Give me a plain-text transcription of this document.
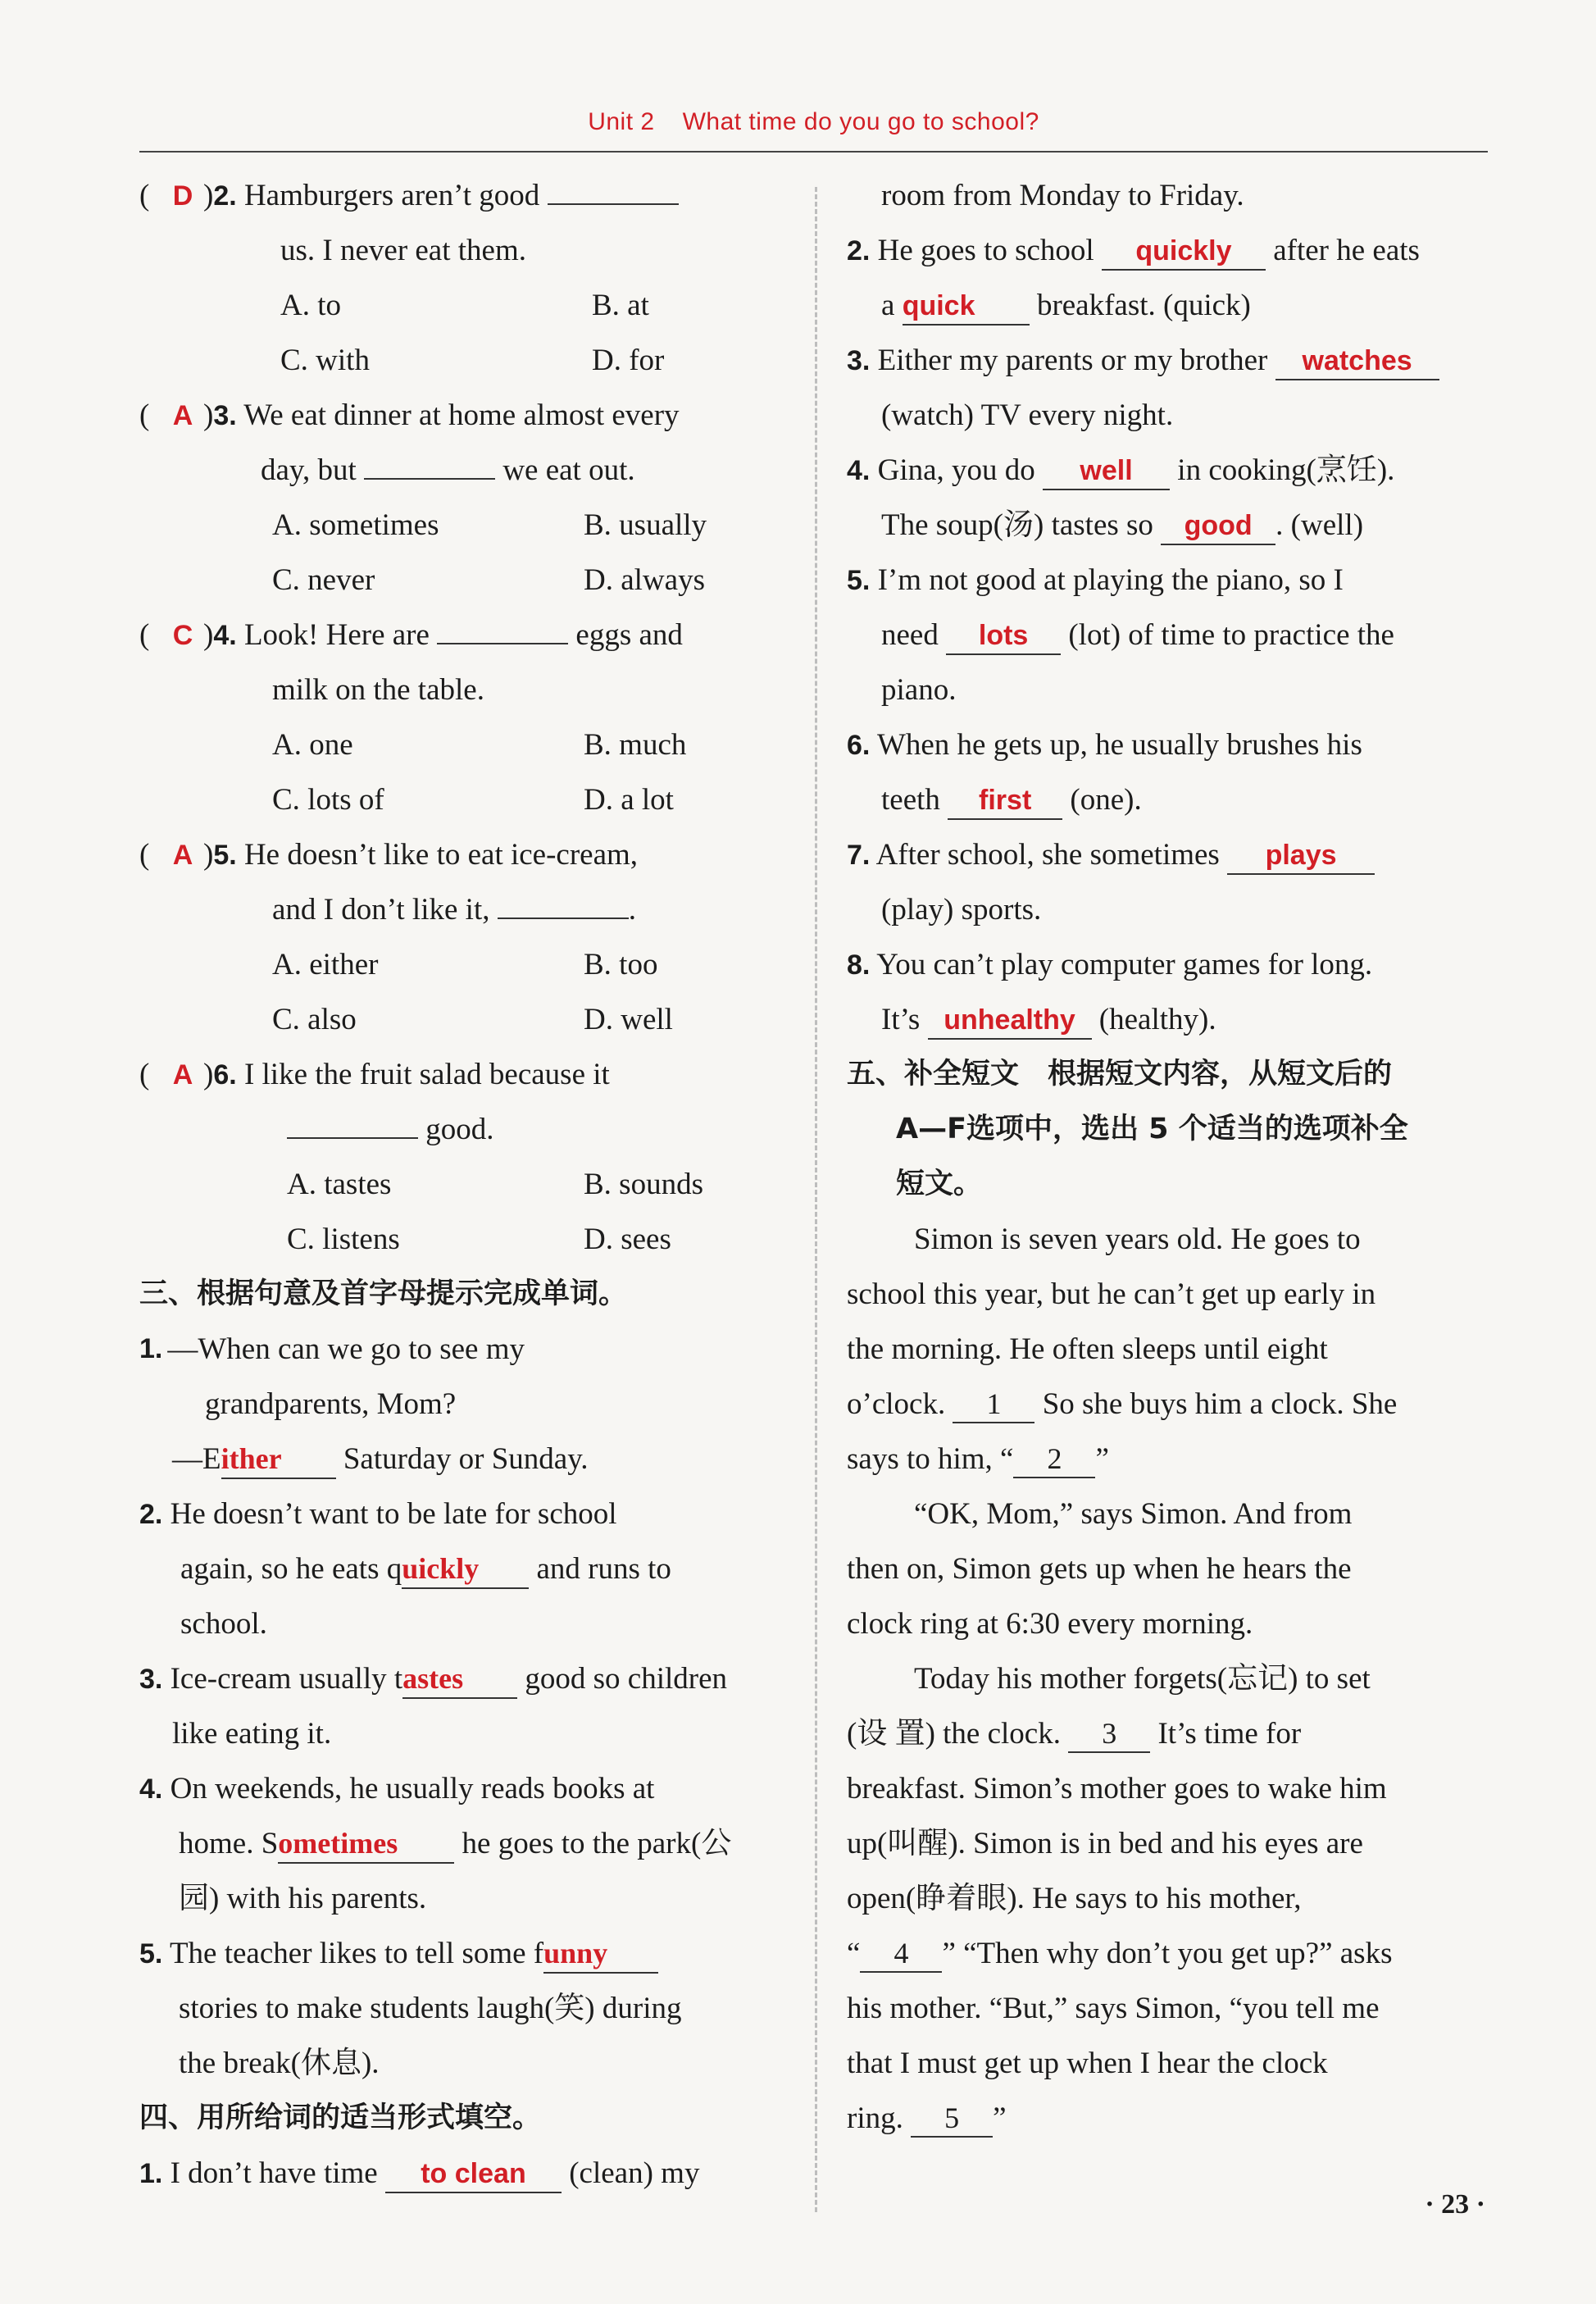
Unit 2 What time do you go to school?
( D )2. Hamburgers aren’t good
us. I never eat them.
A. to	B. at
C. with	D. for
( A )3. We eat dinner at home almost every
day, but	we eat out.
A. sometimes	B. usually
C. never	D. always
( C )4. Look! Here are	eggs and
milk on the table.
A. one	B. much
C. lots of	D. a lot
( A )5. He doesn’t like to eat ice-cream,
and I don’t like it,	.
A. either	B. too
C. also	D. well
( A )6. I like the fruit salad because it
good.
A. tastes	B. sounds
C. listens	D. sees
三、根据句意及首字母提示完成单词。
1. —When can we go to see my
grandparents, Mom?
—Either Saturday or Sunday.
2. He doesn’t want to be late for school
again, so he eats quickly and runs to
school.
3. Ice-cream usually tastes good so children
like eating it.
4. On weekends, he usually reads books at
home. Sometimes he goes to the park(公
园) with his parents.
5. The teacher likes to tell some funny
stories to make students laugh(笑) during
the break(休息).
四、用所给词的适当形式填空。
1. I don’t have time to clean (clean) my
room from Monday to Friday.
2. He goes to school quickly after he eats
a quick breakfast. (quick)
3. Either my parents or my brother watches
(watch) TV every night.
4. Gina, you do well in cooking(烹饪).
The soup(汤) tastes so good . (well)
5. I’m not good at playing the piano, so I
need lots (lot) of time to practice the
piano.
6. When he gets up, he usually brushes his
teeth first (one).
7. After school, she sometimes plays
(play) sports.
8. You can’t play computer games for long.
It’s unhealthy (healthy).
五、补全短文　根据短文内容，从短文后的
A—F选项中，选出 5 个适当的选项补全
短文。
Simon is seven years old. He goes to
school this year, but he can’t get up early in
the morning. He often sleeps until eight
o’clock. 1 So she buys him a clock. She
says to him, “ 2 ”
“OK, Mom,” says Simon. And from
then on, Simon gets up when he hears the
clock ring at 6:30 every morning.
Today his mother forgets(忘记) to set
(设 置) the clock. 3 It’s time for
breakfast. Simon’s mother goes to wake him
up(叫醒). Simon is in bed and his eyes are
open(睁着眼). He says to his mother,
“ 4 ” “Then why don’t you get up?” asks
his mother. “But,” says Simon, “you tell me
that I must get up when I hear the clock
ring. 5 ”
· 23 ·
